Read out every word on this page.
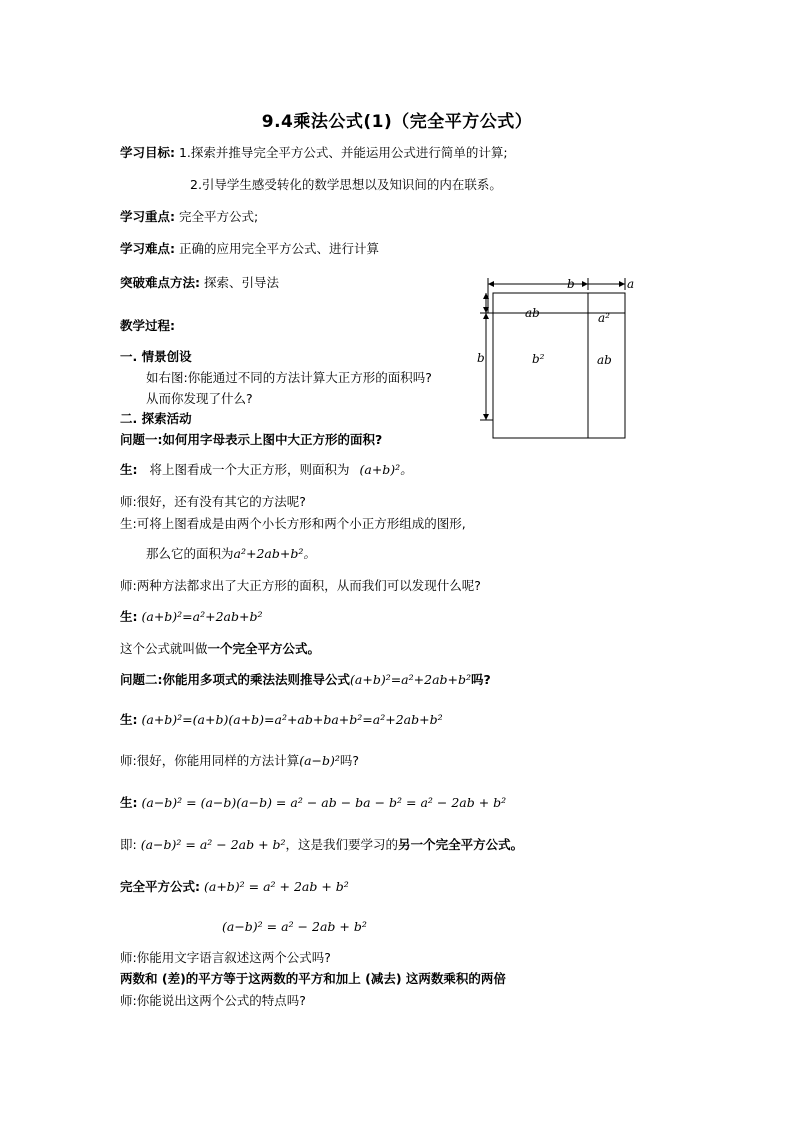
9.4乘法公式(1)（完全平方公式）
学习目标: 1.探索并推导完全平方公式、并能运用公式进行简单的计算;
2.引导学生感受转化的数学思想以及知识间的内在联系。
学习重点: 完全平方公式;
学习难点: 正确的应用完全平方公式、进行计算
突破难点方法: 探索、引导法
教学过程:
一. 情景创设
如右图:你能通过不同的方法计算大正方形的面积吗?
从而你发现了什么?
二. 探索活动
问题一:如何用字母表示上图中大正方形的面积?
生: 将上图看成一个大正方形，则面积为 (a+b)²。
师:很好，还有没有其它的方法呢?
生:可将上图看成是由两个小长方形和两个小正方形组成的图形,
那么它的面积为a²+2ab+b²。
师:两种方法都求出了大正方形的面积，从而我们可以发现什么呢?
生: (a+b)²=a²+2ab+b²
这个公式就叫做一个完全平方公式。
问题二:你能用多项式的乘法法则推导公式(a+b)²=a²+2ab+b²吗?
生: (a+b)²=(a+b)(a+b)=a²+ab+ba+b²=a²+2ab+b²
师:很好，你能用同样的方法计算(a−b)²吗?
生: (a−b)² = (a−b)(a−b) = a² − ab − ba − b² = a² − 2ab + b²
即: (a−b)² = a² − 2ab + b²，这是我们要学习的另一个完全平方公式。
完全平方公式: (a+b)² = a² + 2ab + b²
(a−b)² = a² − 2ab + b²
师:你能用文字语言叙述这两个公式吗?
两数和 (差)的平方等于这两数的平方和加上 (减去) 这两数乘积的两倍
师:你能说出这两个公式的特点吗?
a
b
ab	a²
b	b²	ab
